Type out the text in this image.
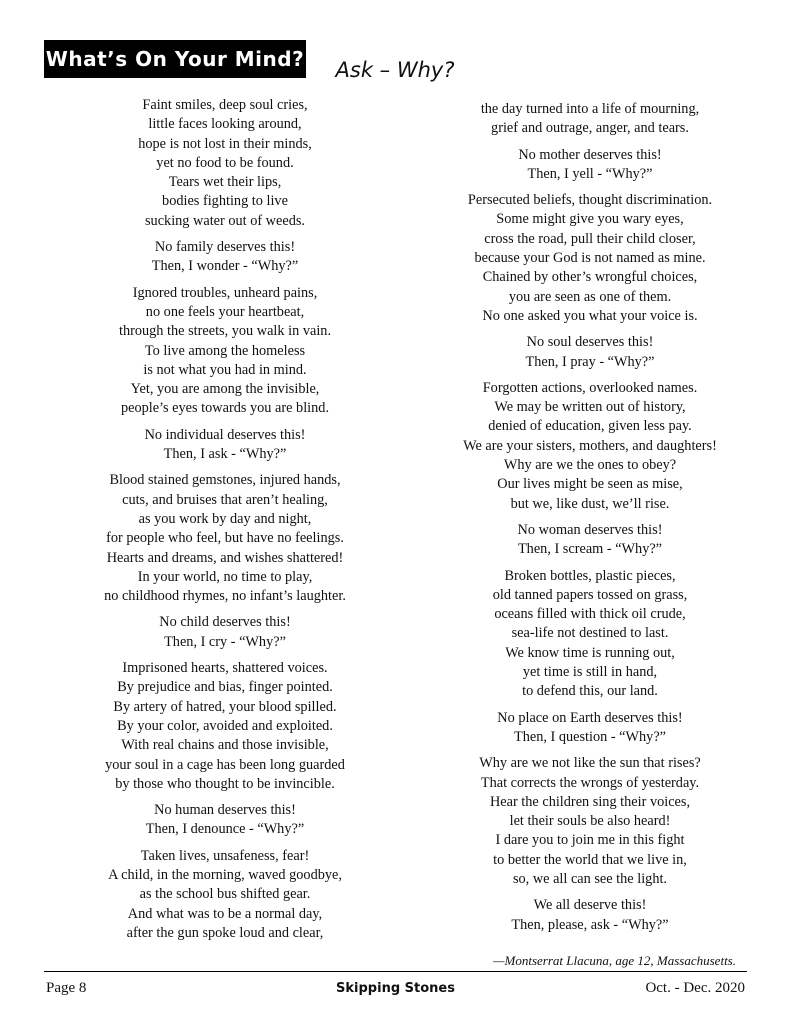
What’s On Your Mind? Ask – Why?
Faint smiles, deep soul cries,
little faces looking around,
hope is not lost in their minds,
yet no food to be found.
Tears wet their lips,
bodies fighting to live
sucking water out of weeds.
No family deserves this!
Then, I wonder - “Why?”
Ignored troubles, unheard pains,
no one feels your heartbeat,
through the streets, you walk in vain.
To live among the homeless
is not what you had in mind.
Yet, you are among the invisible,
people’s eyes towards you are blind.
No individual deserves this!
Then, I ask - “Why?”
Blood stained gemstones, injured hands,
cuts, and bruises that aren’t healing,
as you work by day and night,
for people who feel, but have no feelings.
Hearts and dreams, and wishes shattered!
In your world, no time to play,
no childhood rhymes, no infant’s laughter.
No child deserves this!
Then, I cry - “Why?”
Imprisoned hearts, shattered voices.
By prejudice and bias, finger pointed.
By artery of hatred, your blood spilled.
By your color, avoided and exploited.
With real chains and those invisible,
your soul in a cage has been long guarded
by those who thought to be invincible.
No human deserves this!
Then, I denounce - “Why?”
Taken lives, unsafeness, fear!
A child, in the morning, waved goodbye,
as the school bus shifted gear.
And what was to be a normal day,
after the gun spoke loud and clear,
the day turned into a life of mourning,
grief and outrage, anger, and tears.
No mother deserves this!
Then, I yell - “Why?”
Persecuted beliefs, thought discrimination.
Some might give you wary eyes,
cross the road, pull their child closer,
because your God is not named as mine.
Chained by other’s wrongful choices,
you are seen as one of them.
No one asked you what your voice is.
No soul deserves this!
Then, I pray - “Why?”
Forgotten actions, overlooked names.
We may be written out of history,
denied of education, given less pay.
We are your sisters, mothers, and daughters!
Why are we the ones to obey?
Our lives might be seen as mise,
but we, like dust, we’ll rise.
No woman deserves this!
Then, I scream - “Why?”
Broken bottles, plastic pieces,
old tanned papers tossed on grass,
oceans filled with thick oil crude,
sea-life not destined to last.
We know time is running out,
yet time is still in hand,
to defend this, our land.
No place on Earth deserves this!
Then, I question - “Why?”
Why are we not like the sun that rises?
That corrects the wrongs of yesterday.
Hear the children sing their voices,
let their souls be also heard!
I dare you to join me in this fight
to better the world that we live in,
so, we all can see the light.
We all deserve this!
Then, please, ask - “Why?”
—Montserrat Llacuna, age 12, Massachusetts.
Page 8	Skipping Stones	Oct. - Dec. 2020
